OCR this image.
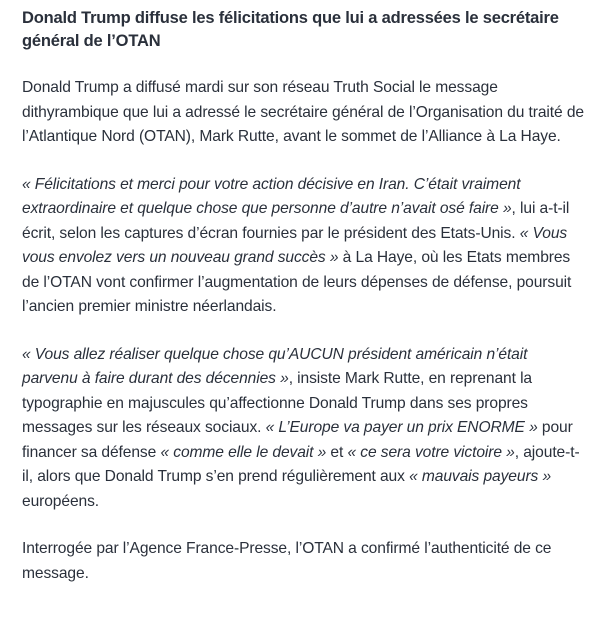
Donald Trump diffuse les félicitations que lui a adressées le secrétaire général de l’OTAN

Donald Trump a diffusé mardi sur son réseau Truth Social le message dithyrambique que lui a adressé le secrétaire général de l’Organisation du traité de l’Atlantique Nord (OTAN), Mark Rutte, avant le sommet de l’Alliance à La Haye.

« Félicitations et merci pour votre action décisive en Iran. C’était vraiment extraordinaire et quelque chose que personne d’autre n’avait osé faire », lui a-t-il écrit, selon les captures d’écran fournies par le président des Etats-Unis. « Vous vous envolez vers un nouveau grand succès » à La Haye, où les Etats membres de l’OTAN vont confirmer l’augmentation de leurs dépenses de défense, poursuit l’ancien premier ministre néerlandais.

« Vous allez réaliser quelque chose qu’AUCUN président américain n’était parvenu à faire durant des décennies », insiste Mark Rutte, en reprenant la typographie en majuscules qu’affectionne Donald Trump dans ses propres messages sur les réseaux sociaux. « L’Europe va payer un prix ENORME » pour financer sa défense « comme elle le devait » et « ce sera votre victoire », ajoute-t-il, alors que Donald Trump s’en prend régulièrement aux « mauvais payeurs » européens.

Interrogée par l’Agence France-Presse, l’OTAN a confirmé l’authenticité de ce message.
